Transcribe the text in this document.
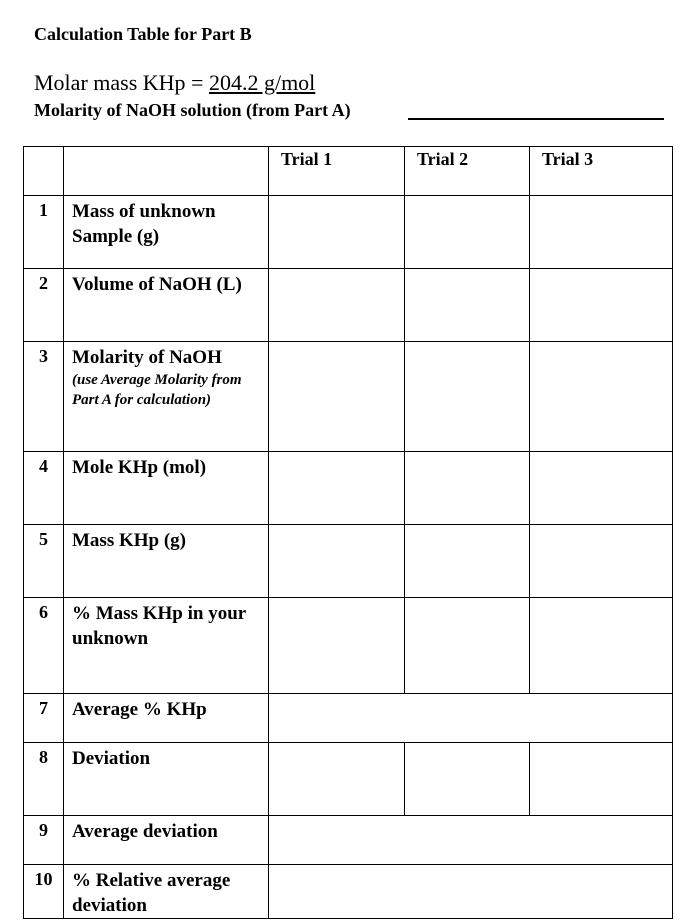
Calculation Table for Part B
Molar mass KHp = 204.2 g/mol
Molarity of NaOH solution (from Part A)
		Trial 1	Trial 2	Trial 3
1	Mass of unknown Sample (g)			

2	Volume of NaOH (L)			

3	Molarity of NaOH
(use Average Molarity from Part A for calculation)			

4	Mole KHp (mol)			

5	Mass KHp (g)			

6	% Mass KHp in your unknown			

7	Average % KHp			

8	Deviation			

9	Average deviation			

10	% Relative average deviation			
